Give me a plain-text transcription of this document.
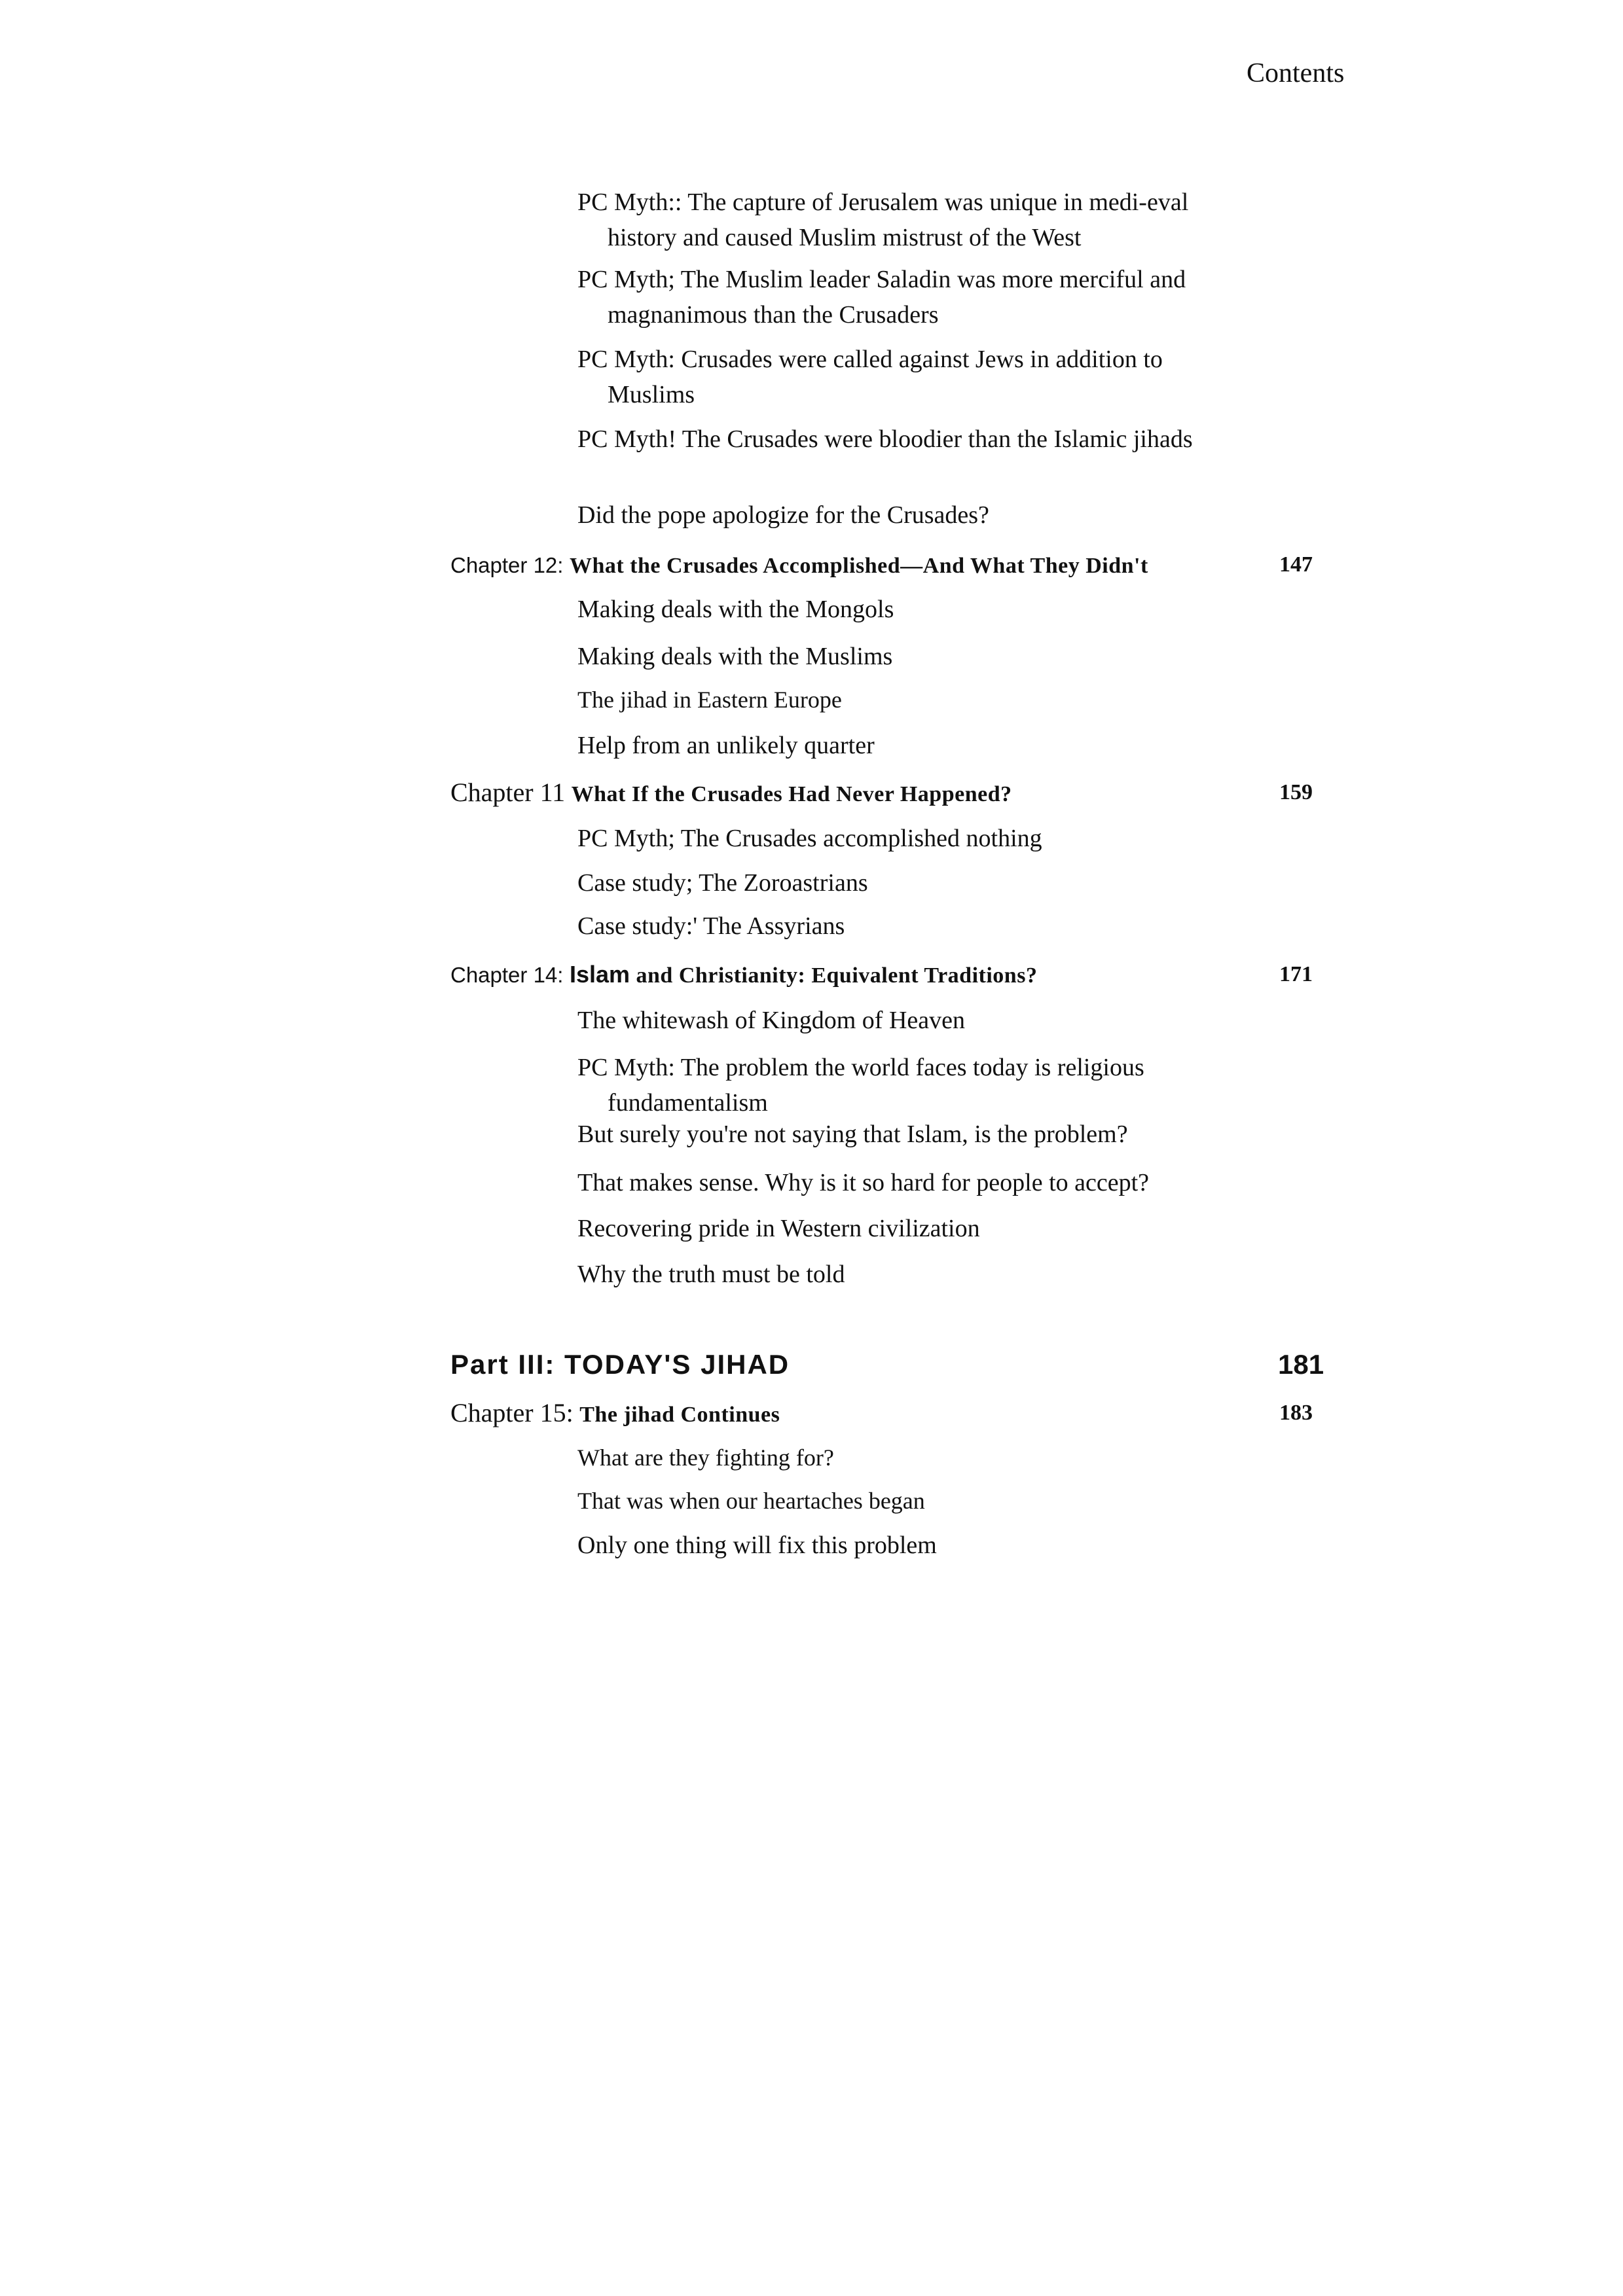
Contents
PC Myth:: The capture of Jerusalem was unique in medi-eval history and caused Muslim mistrust of the West
PC Myth; The Muslim leader Saladin was more merciful and magnanimous than the Crusaders
PC Myth: Crusades were called against Jews in addition to Muslims
PC Myth! The Crusades were bloodier than the Islamic jihads
Did the pope apologize for the Crusades?
Chapter 12: What the Crusades Accomplished—And What They Didn't	147
Making deals with the Mongols
Making deals with the Muslims
The jihad in Eastern Europe
Help from an unlikely quarter
Chapter 11 What If the Crusades Had Never Happened?	159
PC Myth; The Crusades accomplished nothing
Case study; The Zoroastrians
Case study:' The Assyrians
Chapter 14: Islam and Christianity: Equivalent Traditions?	171
The whitewash of Kingdom of Heaven
PC Myth: The problem the world faces today is religious fundamentalism
But surely you're not saying that Islam, is the problem?
That makes sense. Why is it so hard for people to accept?
Recovering pride in Western civilization
Why the truth must be told
Part III: TODAY'S JIHAD	181
Chapter 15: The jihad Continues	183
What are they fighting for?
That was when our heartaches began
Only one thing will fix this problem
